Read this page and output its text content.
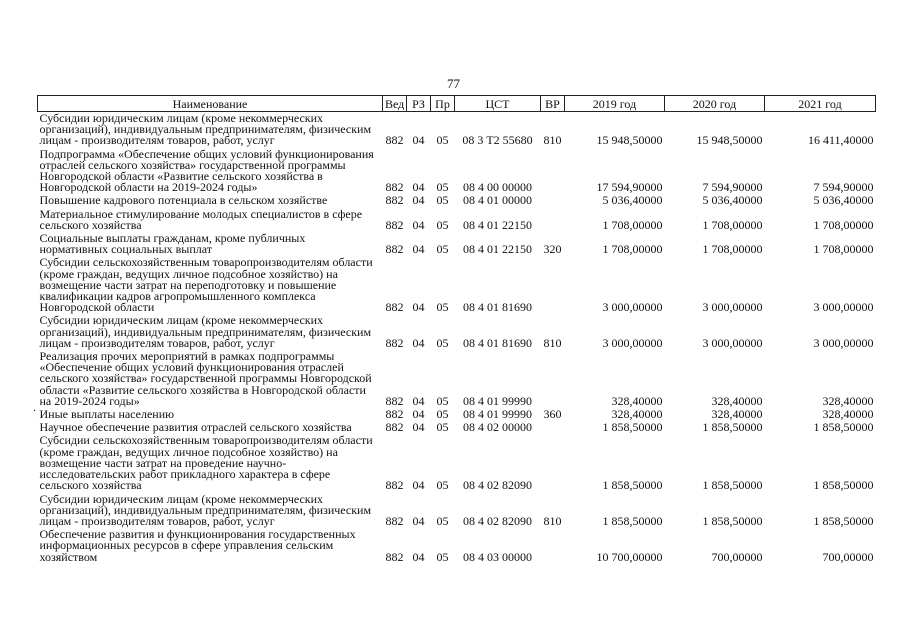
77
.
Наименование	Вед	РЗ	Пр	ЦСТ	ВР	2019 год	2020 год	2021 год
Субсидии юридическим лицам (кроме некоммерческих организаций), индивидуальным предпринимателям, физическим лицам - производителям товаров, работ, услуг	882	04	05	08 3 Т2 55680	810	15 948,50000	15 948,50000	16 411,40000
Подпрограмма «Обеспечение общих условий функционирования отраслей сельского хозяйства» государственной программы Новгородской области «Развитие сельского хозяйства в Новгородской области на 2019-2024 годы»	882	04	05	08 4 00 00000		17 594,90000	7 594,90000	7 594,90000
Повышение кадрового потенциала в сельском хозяйстве	882	04	05	08 4 01 00000		5 036,40000	5 036,40000	5 036,40000
Материальное стимулирование молодых специалистов в сфере сельского хозяйства	882	04	05	08 4 01 22150		1 708,00000	1 708,00000	1 708,00000
Социальные выплаты гражданам, кроме публичных нормативных социальных выплат	882	04	05	08 4 01 22150	320	1 708,00000	1 708,00000	1 708,00000
Субсидии сельскохозяйственным товаропроизводителям области (кроме граждан, ведущих личное подсобное хозяйство) на возмещение части затрат на переподготовку и повышение квалификации кадров агропромышленного комплекса Новгородской области	882	04	05	08 4 01 81690		3 000,00000	3 000,00000	3 000,00000
Субсидии юридическим лицам (кроме некоммерческих организаций), индивидуальным предпринимателям, физическим лицам - производителям товаров, работ, услуг	882	04	05	08 4 01 81690	810	3 000,00000	3 000,00000	3 000,00000
Реализация прочих мероприятий в рамках подпрограммы «Обеспечение общих условий функционирования отраслей сельского хозяйства» государственной программы Новгородской области «Развитие сельского хозяйства в Новгородской области на 2019-2024 годы»	882	04	05	08 4 01 99990		328,40000	328,40000	328,40000
Иные выплаты населению	882	04	05	08 4 01 99990	360	328,40000	328,40000	328,40000
Научное обеспечение развития отраслей сельского хозяйства	882	04	05	08 4 02 00000		1 858,50000	1 858,50000	1 858,50000
Субсидии сельскохозяйственным товаропроизводителям области (кроме граждан, ведущих личное подсобное хозяйство) на возмещение части затрат на проведение научно-исследовательских работ прикладного характера в сфере сельского хозяйства	882	04	05	08 4 02 82090		1 858,50000	1 858,50000	1 858,50000
Субсидии юридическим лицам (кроме некоммерческих организаций), индивидуальным предпринимателям, физическим лицам - производителям товаров, работ, услуг	882	04	05	08 4 02 82090	810	1 858,50000	1 858,50000	1 858,50000
Обеспечение развития и функционирования государственных информационных ресурсов в сфере управления сельским хозяйством	882	04	05	08 4 03 00000		10 700,00000	700,00000	700,00000
